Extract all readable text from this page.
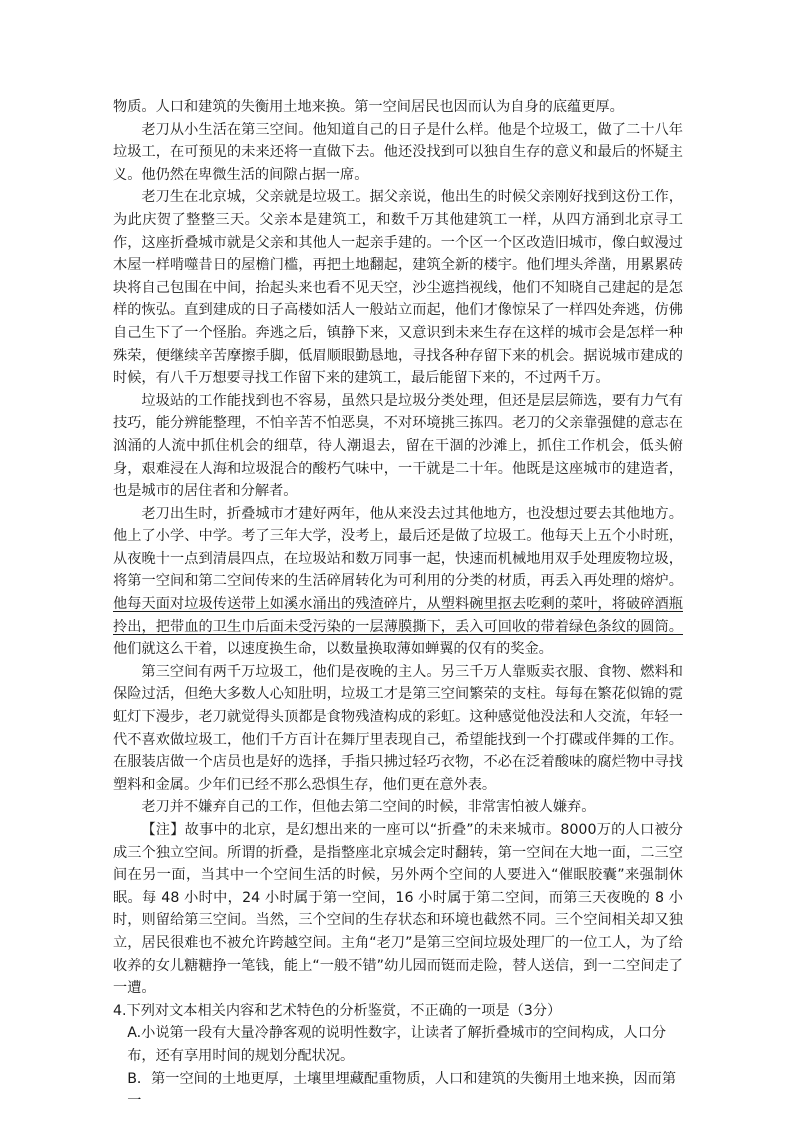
物质。人口和建筑的失衡用土地来换。第一空间居民也因而认为自身的底蕴更厚。

老刀从小生活在第三空间。他知道自己的日子是什么样。他是个垃圾工，做了二十八年垃圾工，在可预见的未来还将一直做下去。他还没找到可以独自生存的意义和最后的怀疑主义。他仍然在卑微生活的间隙占据一席。

老刀生在北京城，父亲就是垃圾工。据父亲说，他出生的时候父亲刚好找到这份工作，为此庆贺了整整三天。父亲本是建筑工，和数千万其他建筑工一样，从四方涌到北京寻工作，这座折叠城市就是父亲和其他人一起亲手建的。一个区一个区改造旧城市，像白蚁漫过木屋一样啃噬昔日的屋檐门槛，再把土地翻起，建筑全新的楼宇。他们埋头斧凿，用累累砖块将自己包围在中间，抬起头来也看不见天空，沙尘遮挡视线，他们不知晓自己建起的是怎样的恢弘。直到建成的日子高楼如活人一般站立而起，他们才像惊呆了一样四处奔逃，仿佛自己生下了一个怪胎。奔逃之后，镇静下来，又意识到未来生存在这样的城市会是怎样一种殊荣，便继续辛苦摩擦手脚，低眉顺眼勤恳地，寻找各种存留下来的机会。据说城市建成的时候，有八千万想要寻找工作留下来的建筑工，最后能留下来的，不过两千万。

垃圾站的工作能找到也不容易，虽然只是垃圾分类处理，但还是层层筛选，要有力气有技巧，能分辨能整理，不怕辛苦不怕恶臭，不对环境挑三拣四。老刀的父亲靠强健的意志在汹涌的人流中抓住机会的细草，待人潮退去，留在干涸的沙滩上，抓住工作机会，低头俯身，艰难浸在人海和垃圾混合的酸朽气味中，一干就是二十年。他既是这座城市的建造者，也是城市的居住者和分解者。

老刀出生时，折叠城市才建好两年，他从来没去过其他地方，也没想过要去其他地方。他上了小学、中学。考了三年大学，没考上，最后还是做了垃圾工。他每天上五个小时班，从夜晚十一点到清晨四点，在垃圾站和数万同事一起，快速而机械地用双手处理废物垃圾，将第一空间和第二空间传来的生活碎屑转化为可利用的分类的材质，再丢入再处理的熔炉。他每天面对垃圾传送带上如溪水涌出的残渣碎片，从塑料碗里抠去吃剩的菜叶，将破碎酒瓶拎出，把带血的卫生巾后面未受污染的一层薄膜撕下，丢入可回收的带着绿色条纹的圆筒。他们就这么干着，以速度换生命，以数量换取薄如蝉翼的仅有的奖金。

第三空间有两千万垃圾工，他们是夜晚的主人。另三千万人靠贩卖衣服、食物、燃料和保险过活，但绝大多数人心知肚明，垃圾工才是第三空间繁荣的支柱。每每在繁花似锦的霓虹灯下漫步，老刀就觉得头顶都是食物残渣构成的彩虹。这种感觉他没法和人交流，年轻一代不喜欢做垃圾工，他们千方百计在舞厅里表现自己，希望能找到一个打碟或伴舞的工作。在服装店做一个店员也是好的选择，手指只拂过轻巧衣物，不必在泛着酸味的腐烂物中寻找塑料和金属。少年们已经不那么恐惧生存，他们更在意外表。

老刀并不嫌弃自己的工作，但他去第二空间的时候，非常害怕被人嫌弃。

【注】故事中的北京，是幻想出来的一座可以“折叠”的未来城市。8000万的人口被分成三个独立空间。所谓的折叠，是指整座北京城会定时翻转，第一空间在大地一面，二三空间在另一面，当其中一个空间生活的时候，另外两个空间的人要进入“催眠胶囊”来强制休眠。每 48 小时中，24 小时属于第一空间，16 小时属于第二空间，而第三天夜晚的 8 小时，则留给第三空间。当然，三个空间的生存状态和环境也截然不同。三个空间相关却又独立，居民很难也不被允许跨越空间。主角“老刀”是第三空间垃圾处理厂的一位工人，为了给收养的女儿糖糖挣一笔钱，能上“一般不错”幼儿园而铤而走险，替人送信，到一二空间走了一遭。

4.下列对文本相关内容和艺术特色的分析鉴赏，不正确的一项是（3分）

A.小说第一段有大量冷静客观的说明性数字，让读者了解折叠城市的空间构成，人口分布，还有享用时间的规划分配状况。

B．第一空间的土地更厚，土壤里埋藏配重物质，人口和建筑的失衡用土地来换，因而第一
